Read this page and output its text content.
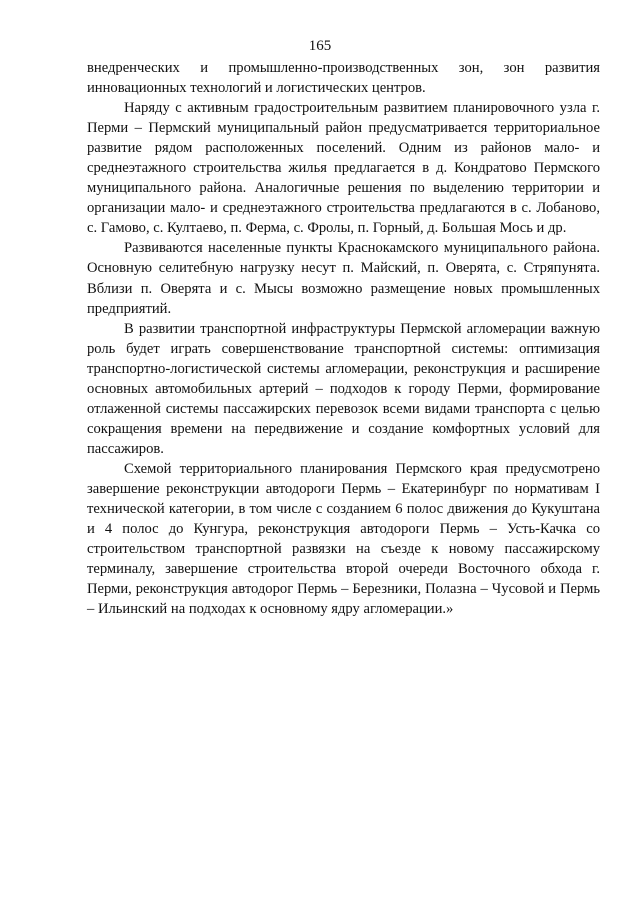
165

внедренческих и промышленно-производственных зон, зон развития инновационных технологий и логистических центров.

Наряду с активным градостроительным развитием планировочного узла г. Перми – Пермский муниципальный район предусматривается территориальное развитие рядом расположенных поселений. Одним из районов мало- и среднеэтажного строительства жилья предлагается в д. Кондратово Пермского муниципального района. Аналогичные решения по выделению территории и организации мало- и среднеэтажного строительства предлагаются в с. Лобаново, с. Гамово, с. Култаево, п. Ферма, с. Фролы, п. Горный, д. Большая Мось и др.

Развиваются населенные пункты Краснокамского муниципального района. Основную селитебную нагрузку несут п. Майский, п. Оверята, с. Стряпунята. Вблизи п. Оверята и с. Мысы возможно размещение новых промышленных предприятий.

В развитии транспортной инфраструктуры Пермской агломерации важную роль будет играть совершенствование транспортной системы: оптимизация транспортно-логистической системы агломерации, реконструкция и расширение основных автомобильных артерий – подходов к городу Перми, формирование отлаженной системы пассажирских перевозок всеми видами транспорта с целью сокращения времени на передвижение и создание комфортных условий для пассажиров.

Схемой территориального планирования Пермского края предусмотрено завершение реконструкции автодороги Пермь – Екатеринбург по нормативам I технической категории, в том числе с созданием 6 полос движения до Кукуштана и 4 полос до Кунгура, реконструкция автодороги Пермь – Усть-Качка со строительством транспортной развязки на съезде к новому пассажирскому терминалу, завершение строительства второй очереди Восточного обхода г. Перми, реконструкция автодорог Пермь – Березники, Полазна – Чусовой и Пермь – Ильинский на подходах к основному ядру агломерации.»
